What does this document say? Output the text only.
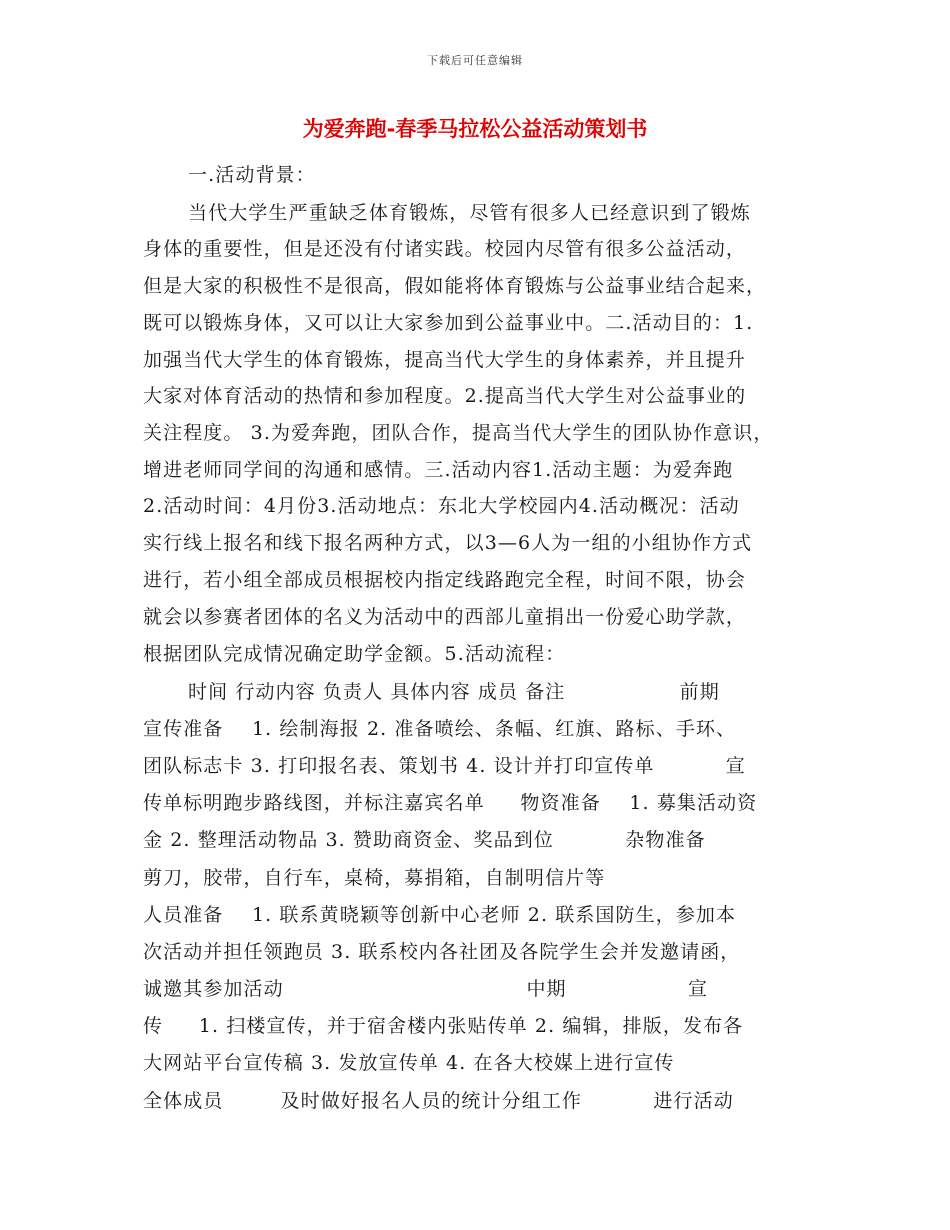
下载后可任意编辑
为爱奔跑-春季马拉松公益活动策划书
一.活动背景：
当代大学生严重缺乏体育锻炼，尽管有很多人已经意识到了锻炼
身体的重要性，但是还没有付诸实践。校园内尽管有很多公益活动，
但是大家的积极性不是很高，假如能将体育锻炼与公益事业结合起来，
既可以锻炼身体，又可以让大家参加到公益事业中。二.活动目的：1.
加强当代大学生的体育锻炼，提高当代大学生的身体素养，并且提升
大家对体育活动的热情和参加程度。2.提高当代大学生对公益事业的
关注程度。 3.为爱奔跑，团队合作，提高当代大学生的团队协作意识，
增进老师同学间的沟通和感情。三.活动内容1.活动主题：为爱奔跑
2.活动时间：4月份3.活动地点：东北大学校园内4.活动概况：活动
实行线上报名和线下报名两种方式，以3—6人为一组的小组协作方式
进行，若小组全部成员根据校内指定线路跑完全程，时间不限，协会
就会以参赛者团体的名义为活动中的西部儿童捐出一份爱心助学款，
根据团队完成情况确定助学金额。5.活动流程：
时间 行动内容 负责人 具体内容 成员 备注                前期
宣传准备    1. 绘制海报 2. 准备喷绘、条幅、红旗、路标、手环、
团队标志卡 3. 打印报名表、策划书 4. 设计并打印宣传单          宣
传单标明跑步路线图，并标注嘉宾名单     物资准备    1. 募集活动资
金 2. 整理活动物品 3. 赞助商资金、奖品到位          杂物准备
剪刀，胶带，自行车，桌椅，募捐箱，自制明信片等
人员准备    1. 联系黄晓颖等创新中心老师 2. 联系国防生，参加本
次活动并担任领跑员 3. 联系校内各社团及各院学生会并发邀请函，
诚邀其参加活动                                  中期                 宣
传     1. 扫楼宣传，并于宿舍楼内张贴传单 2. 编辑，排版，发布各
大网站平台宣传稿 3. 发放宣传单 4. 在各大校媒上进行宣传
全体成员        及时做好报名人员的统计分组工作          进行活动
